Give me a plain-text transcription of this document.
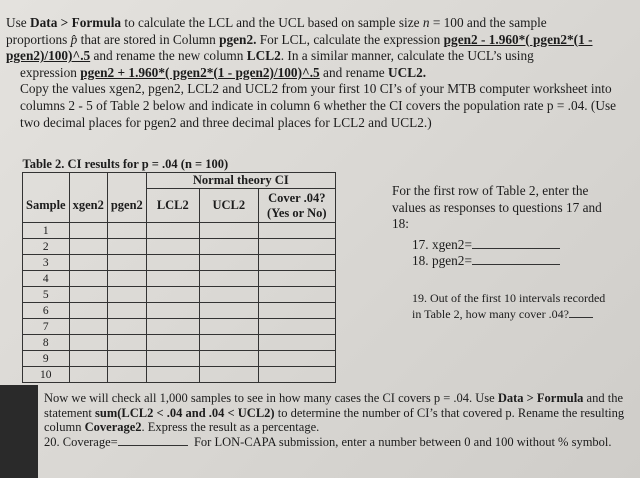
Use Data > Formula to calculate the LCL and the UCL based on sample size n = 100 and the sample
proportions p̂ that are stored in Column pgen2. For LCL, calculate the expression pgen2 - 1.960*( pgen2*(1 - pgen2)/100)^.5 and rename the new column LCL2. In a similar manner, calculate the UCL’s using
expression pgen2 + 1.960*( pgen2*(1 - pgen2)/100)^.5 and rename UCL2.
Copy the values xgen2, pgen2, LCL2 and UCL2 from your first 10 CI’s of your MTB computer worksheet into columns 2 - 5 of Table 2 below and indicate in column 6 whether the CI covers the population rate p = .04. (Use two decimal places for pgen2 and three decimal places for LCL2 and UCL2.)
Table 2. CI results for p = .04 (n = 100)					
			Normal theory CI		
Sample	xgen2	pgen2	LCL2	UCL2	Cover .04? (Yes or No)
1					
2					
3					
4					
5					
6					
7					
8					
9					
10					
For the first row of Table 2, enter the values as responses to questions 17 and 18:
17. xgen2=
18. pgen2=
19. Out of the first 10 intervals recorded in Table 2, how many cover .04?
Now we will check all 1,000 samples to see in how many cases the CI covers p = .04. Use Data > Formula and the statement sum(LCL2 < .04 and .04 < UCL2) to determine the number of CI’s that covered p. Rename the resulting column Coverage2. Express the result as a percentage.
20. Coverage=	For LON-CAPA submission, enter a number between 0 and 100 without % symbol.
